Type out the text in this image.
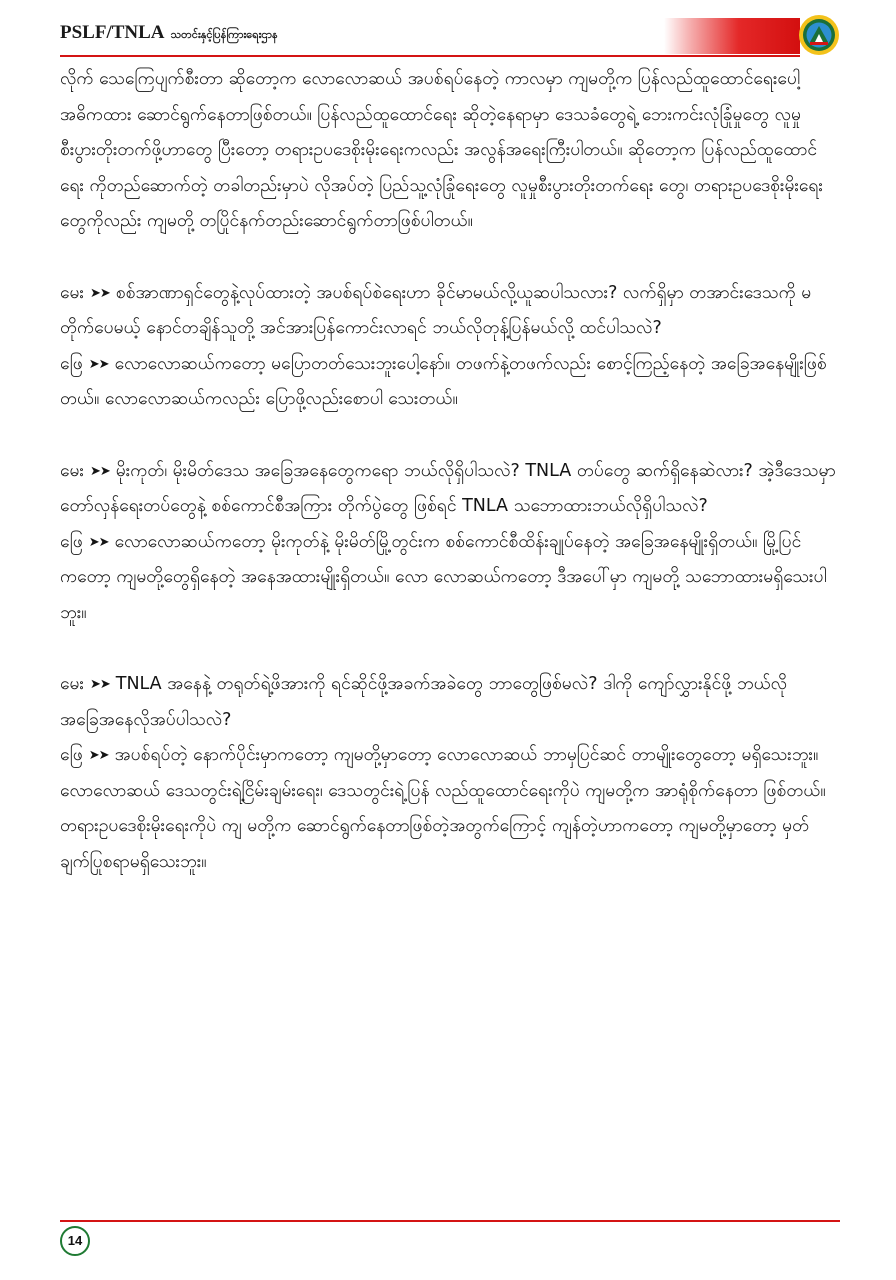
PSLF/TNLA သတင်းနှင့်ပြန်ကြားရေးဌာန

လိုက် သေကြေပျက်စီးတာ ဆိုတော့က လောလောဆယ် အပစ်ရပ်နေတဲ့ ကာလမှာ ကျမတို့က ပြန်လည်ထူထောင်ရေးပေါ့ အဓိကထား ဆောင်ရွက်နေတာဖြစ်တယ်။ ပြန်လည်ထူထောင်ရေး ဆိုတဲ့နေရာမှာ ဒေသခံတွေရဲ့ ဘေးကင်းလုံခြုံမှုတွေ လူမှုစီးပွားတိုးတက်ဖို့ဟာတွေ ပြီးတော့ တရားဥပဒေစိုးမိုးရေးကလည်း အလွန်အရေးကြီးပါတယ်။ ဆိုတော့က ပြန်လည်ထူထောင်ရေး ကိုတည်ဆောက်တဲ့ တခါတည်းမှာပဲ လိုအပ်တဲ့ ပြည်သူ့လုံခြုံရေးတွေ လူမှုစီးပွားတိုးတက်ရေး တွေ၊ တရားဥပဒေစိုးမိုးရေးတွေကိုလည်း ကျမတို့ တပြိုင်နက်တည်းဆောင်ရွက်တာဖြစ်ပါတယ်။

မေး ➤➤ စစ်အာဏာရှင်တွေနဲ့လုပ်ထားတဲ့ အပစ်ရပ်စဲရေးဟာ ခိုင်မာမယ်လို့ယူဆပါသလား? လက်ရှိမှာ တအာင်းဒေသကို မတိုက်ပေမယ့် နောင်တချိန်သူတို့ အင်အားပြန်ကောင်းလာရင် ဘယ်လိုတုန့်ပြန်မယ်လို့ ထင်ပါသလဲ?

ဖြေ ➤➤ လောလောဆယ်ကတော့ မပြောတတ်သေးဘူးပေါ့နော်။ တဖက်နဲ့တဖက်လည်း စောင့်ကြည့်နေတဲ့ အခြေအနေမျိုးဖြစ်တယ်။ လောလောဆယ်ကလည်း ပြောဖို့လည်းစောပါ သေးတယ်။

မေး ➤➤ မိုးကုတ်၊ မိုးမိတ်ဒေသ အခြေအနေတွေကရော ဘယ်လိုရှိပါသလဲ? TNLA တပ်တွေ ဆက်ရှိနေဆဲလား? အဲ့ဒီဒေသမှာ တော်လှန်ရေးတပ်တွေနဲ့ စစ်ကောင်စီအကြား တိုက်ပွဲတွေ ဖြစ်ရင် TNLA သဘောထားဘယ်လိုရှိပါသလဲ?

ဖြေ ➤➤ လောလောဆယ်ကတော့ မိုးကုတ်နဲ့ မိုးမိတ်မြို့တွင်းက စစ်ကောင်စီထိန်းချုပ်နေတဲ့ အခြေအနေမျိုးရှိတယ်။ မြို့ပြင်ကတော့ ကျမတို့တွေရှိနေတဲ့ အနေအထားမျိုးရှိတယ်။ လော လောဆယ်ကတော့ ဒီအပေါ်မှာ ကျမတို့ သဘောထားမရှိသေးပါဘူး။

မေး ➤➤ TNLA အနေနဲ့ တရုတ်ရဲ့ဖိအားကို ရင်ဆိုင်ဖို့အခက်အခဲတွေ ဘာတွေဖြစ်မလဲ? ဒါကို ကျော်လွှားနိုင်ဖို့ ဘယ်လိုအခြေအနေလိုအပ်ပါသလဲ?

ဖြေ ➤➤ အပစ်ရပ်တဲ့ နောက်ပိုင်းမှာကတော့ ကျမတို့မှာတော့ လောလောဆယ် ဘာမှပြင်ဆင် တာမျိုးတွေတော့ မရှိသေးဘူး။ လောလောဆယ် ဒေသတွင်းရဲ့ငြိမ်းချမ်းရေး၊ ဒေသတွင်းရဲ့ပြန် လည်ထူထောင်ရေးကိုပဲ ကျမတို့က အာရုံစိုက်နေတာ ဖြစ်တယ်။ တရားဥပဒေစိုးမိုးရေးကိုပဲ ကျ မတို့က ဆောင်ရွက်နေတာဖြစ်တဲ့အတွက်ကြောင့် ကျန်တဲ့ဟာကတော့ ကျမတို့မှာတော့ မှတ် ချက်ပြုစရာမရှိသေးဘူး။

14
